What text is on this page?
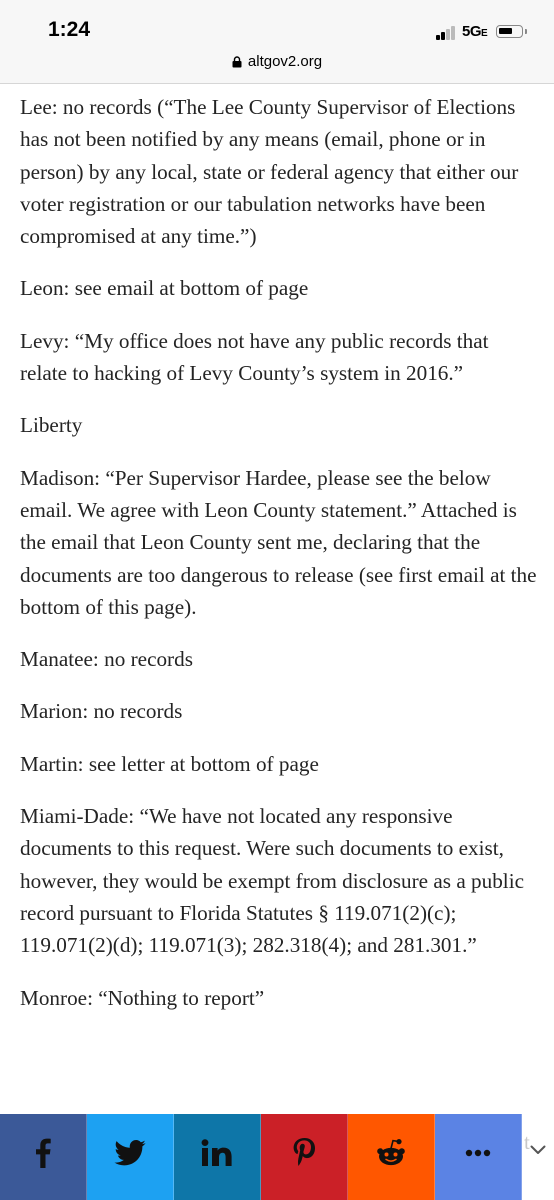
1:24	5GE
altgov2.org

Lee: no records (“The Lee County Supervisor of Elections has not been notified by any means (email, phone or in person) by any local, state or federal agency that either our voter registration or our tabulation networks have been compromised at any time.”)

Leon: see email at bottom of page

Levy: “My office does not have any public records that relate to hacking of Levy County’s system in 2016.”

Liberty

Madison: “Per Supervisor Hardee, please see the below email. We agree with Leon County statement.” Attached is the email that Leon County sent me, declaring that the documents are too dangerous to release (see first email at the bottom of this page).

Manatee: no records

Marion: no records

Martin: see letter at bottom of page

Miami-Dade: “We have not located any responsive documents to this request. Were such documents to exist, however, they would be exempt from disclosure as a public record pursuant to Florida Statutes § 119.071(2)(c); 119.071(2)(d); 119.071(3); 282.318(4); and 281.301.”

Monroe: “Nothing to report”

t
